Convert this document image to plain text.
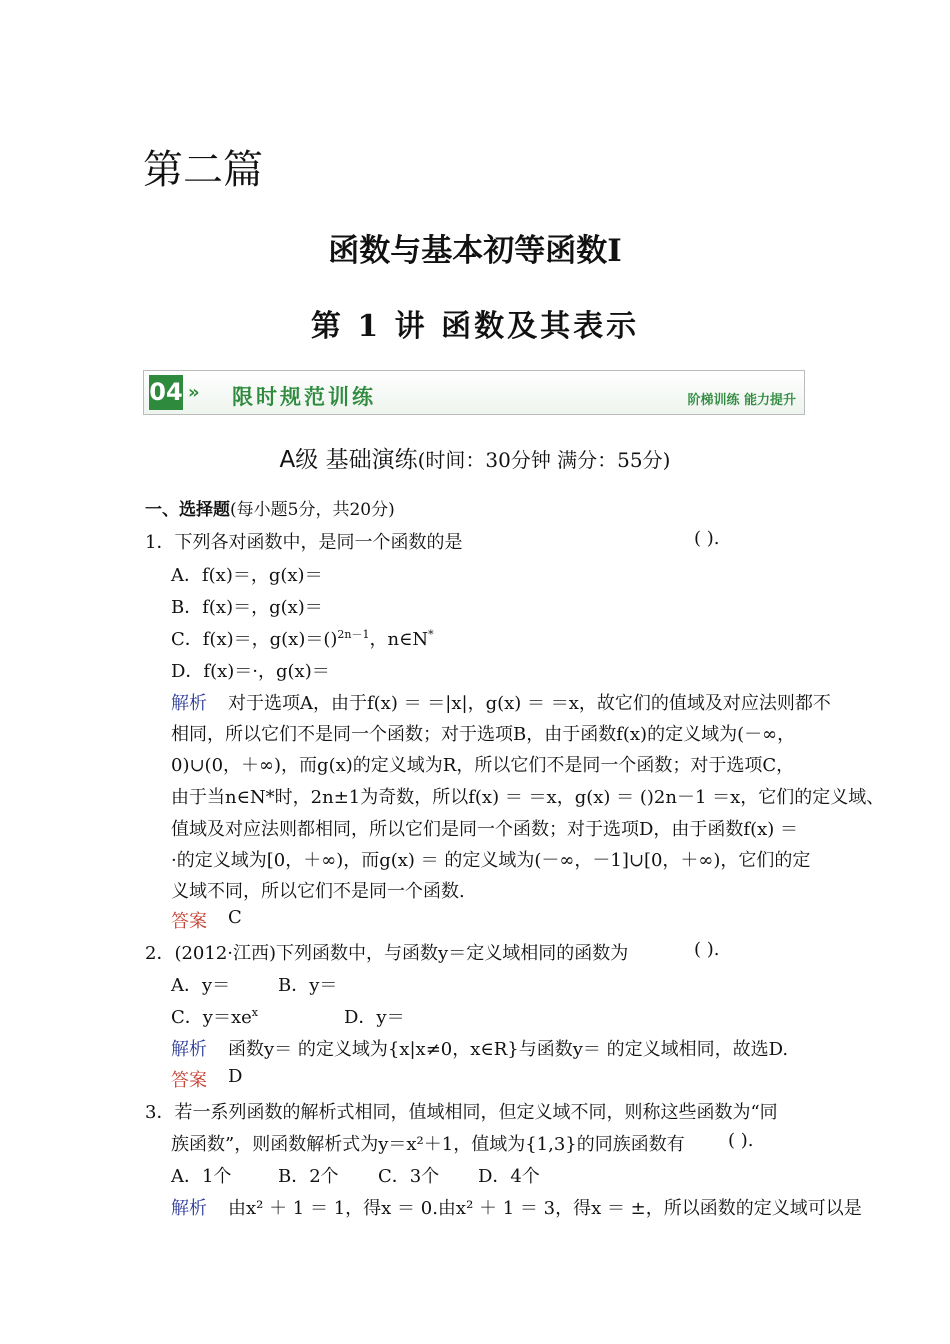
第二篇
函数与基本初等函数Ⅰ
第 1 讲 函数及其表示
04 » 限时规范训练	阶梯训练 能力提升
A级 基础演练(时间：30分钟 满分：55分)
一、选择题(每小题5分，共20分)
1．下列各对函数中，是同一个函数的是	( ).
A．f(x)＝，g(x)＝
B．f(x)＝，g(x)＝
C．f(x)＝，g(x)＝()$^{2n-1}$，n∈N*
D．f(x)＝·，g(x)＝
解析 对于选项A，由于f(x) ＝ ＝|x|，g(x) ＝ ＝x，故它们的值域及对应法则都不
相同，所以它们不是同一个函数；对于选项B，由于函数f(x)的定义域为(－∞，
0)∪(0，＋∞)，而g(x)的定义域为R，所以它们不是同一个函数；对于选项C，
由于当n∈N*时，2n±1为奇数，所以f(x) ＝ ＝x，g(x) ＝ ()2n－1 ＝x，它们的定义域、
值域及对应法则都相同，所以它们是同一个函数；对于选项D，由于函数f(x) ＝
·的定义域为[0，＋∞)，而g(x) ＝ 的定义域为(－∞，－1]∪[0，＋∞)，它们的定
义域不同，所以它们不是同一个函数.
答案 C
2．(2012·江西)下列函数中，与函数y＝定义域相同的函数为	( ).
A．y＝	B．y＝
C．$y=xe^x$	D．y＝
解析 函数y＝ 的定义域为{x|x≠0，x∈R}与函数y＝ 的定义域相同，故选D.
答案 D
3．若一系列函数的解析式相同，值域相同，但定义域不同，则称这些函数为“同
族函数”，则函数解析式为y＝x²＋1，值域为{1,3}的同族函数有 ( ).
A．1个	B．2个 C．3个 D．4个
解析 由x² ＋ 1 ＝ 1，得x ＝ 0.由x² ＋ 1 ＝ 3，得x ＝ ±，所以函数的定义域可以是
